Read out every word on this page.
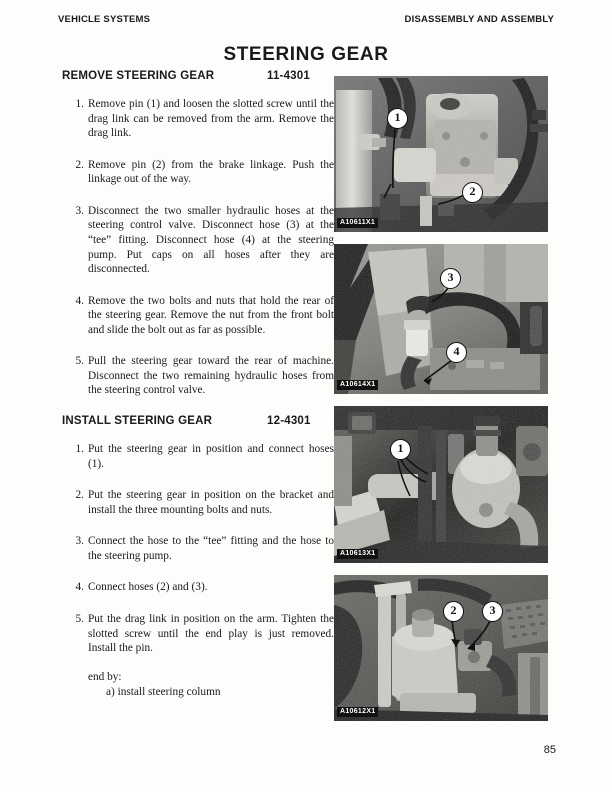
VEHICLE SYSTEMS	DISASSEMBLY AND ASSEMBLY
STEERING GEAR
REMOVE STEERING GEAR	11-4301
1. Remove pin (1) and loosen the slotted screw until the drag link can be removed from the arm. Remove the drag link.
2. Remove pin (2) from the brake linkage. Push the linkage out of the way.
3. Disconnect the two smaller hydraulic hoses at the steering control valve. Disconnect hose (3) at the “tee” fitting. Disconnect hose (4) at the steering pump. Put caps on all hoses after they are disconnected.
4. Remove the two bolts and nuts that hold the rear of the steering gear. Remove the nut from the front bolt and slide the bolt out as far as possible.
5. Pull the steering gear toward the rear of machine. Disconnect the two remaining hydraulic hoses from the steering control valve.
INSTALL STEERING GEAR	12-4301
1. Put the steering gear in position and connect hoses (1).
2. Put the steering gear in position on the bracket and install the three mounting bolts and nuts.
3. Connect the hose to the “tee” fitting and the hose to the steering pump.
4. Connect hoses (2) and (3).
5. Put the drag link in position on the arm. Tighten the slotted screw until the end play is just removed. Install the pin.
end by:
a) install steering column
1
2
A10611X1
3
4
A10614X1
1
A10613X1
2	3
A10612X1
85
